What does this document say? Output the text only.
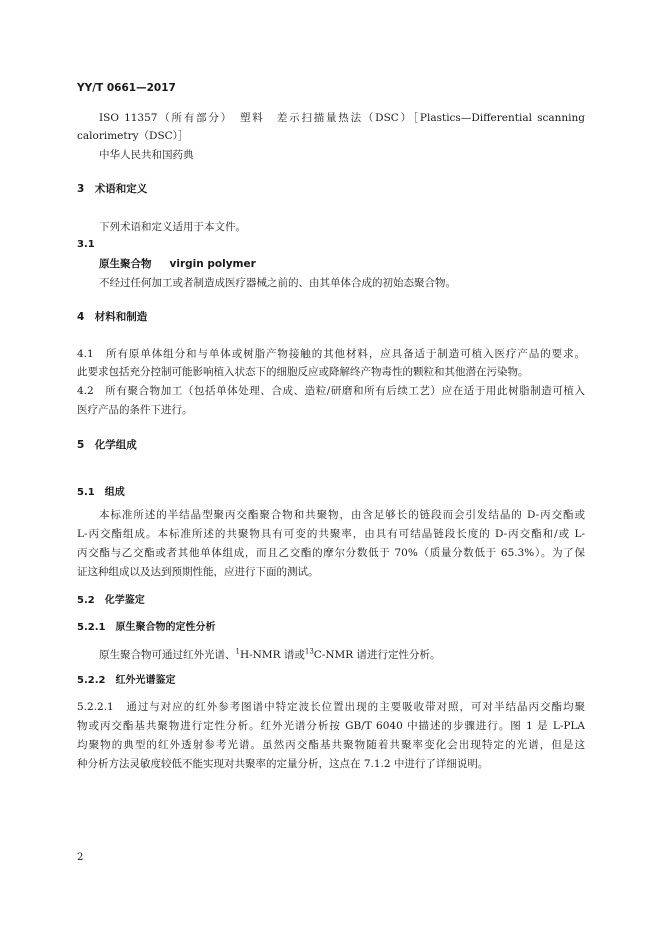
YY/T 0661—2017
ISO 11357（所有部分）　塑料　差示扫描量热法（DSC）［Plastics—Differential scanning
calorimetry（DSC）］
中华人民共和国药典
3　术语和定义
下列术语和定义适用于本文件。
3.1
原生聚合物 virgin polymer
不经过任何加工或者制造成医疗器械之前的、由其单体合成的初始态聚合物。
4　材料和制造
4.1　所有原单体组分和与单体或树脂产物接触的其他材料，应具备适于制造可植入医疗产品的要求。
此要求包括充分控制可能影响植入状态下的细胞反应或降解终产物毒性的颗粒和其他潜在污染物。
4.2　所有聚合物加工（包括单体处理、合成、造粒/研磨和所有后续工艺）应在适于用此树脂制造可植入
医疗产品的条件下进行。
5　化学组成
5.1　组成
本标准所述的半结晶型聚丙交酯聚合物和共聚物，由含足够长的链段而会引发结晶的 D-丙交酯或
L-丙交酯组成。本标准所述的共聚物具有可变的共聚率，由具有可结晶链段长度的 D-丙交酯和/或 L-
丙交酯与乙交酯或者其他单体组成，而且乙交酯的摩尔分数低于 70%（质量分数低于 65.3%）。为了保
证这种组成以及达到预期性能，应进行下面的测试。
5.2　化学鉴定
5.2.1　原生聚合物的定性分析
原生聚合物可通过红外光谱、$^1$H-NMR 谱或$^{13}$C-NMR 谱进行定性分析。
5.2.2　红外光谱鉴定
5.2.2.1　通过与对应的红外参考图谱中特定波长位置出现的主要吸收带对照，可对半结晶丙交酯均聚
物或丙交酯基共聚物进行定性分析。红外光谱分析按 GB/T 6040 中描述的步骤进行。图 1 是 L-PLA
均聚物的典型的红外透射参考光谱。虽然丙交酯基共聚物随着共聚率变化会出现特定的光谱，但是这
种分析方法灵敏度较低不能实现对共聚率的定量分析，这点在 7.1.2 中进行了详细说明。
2
